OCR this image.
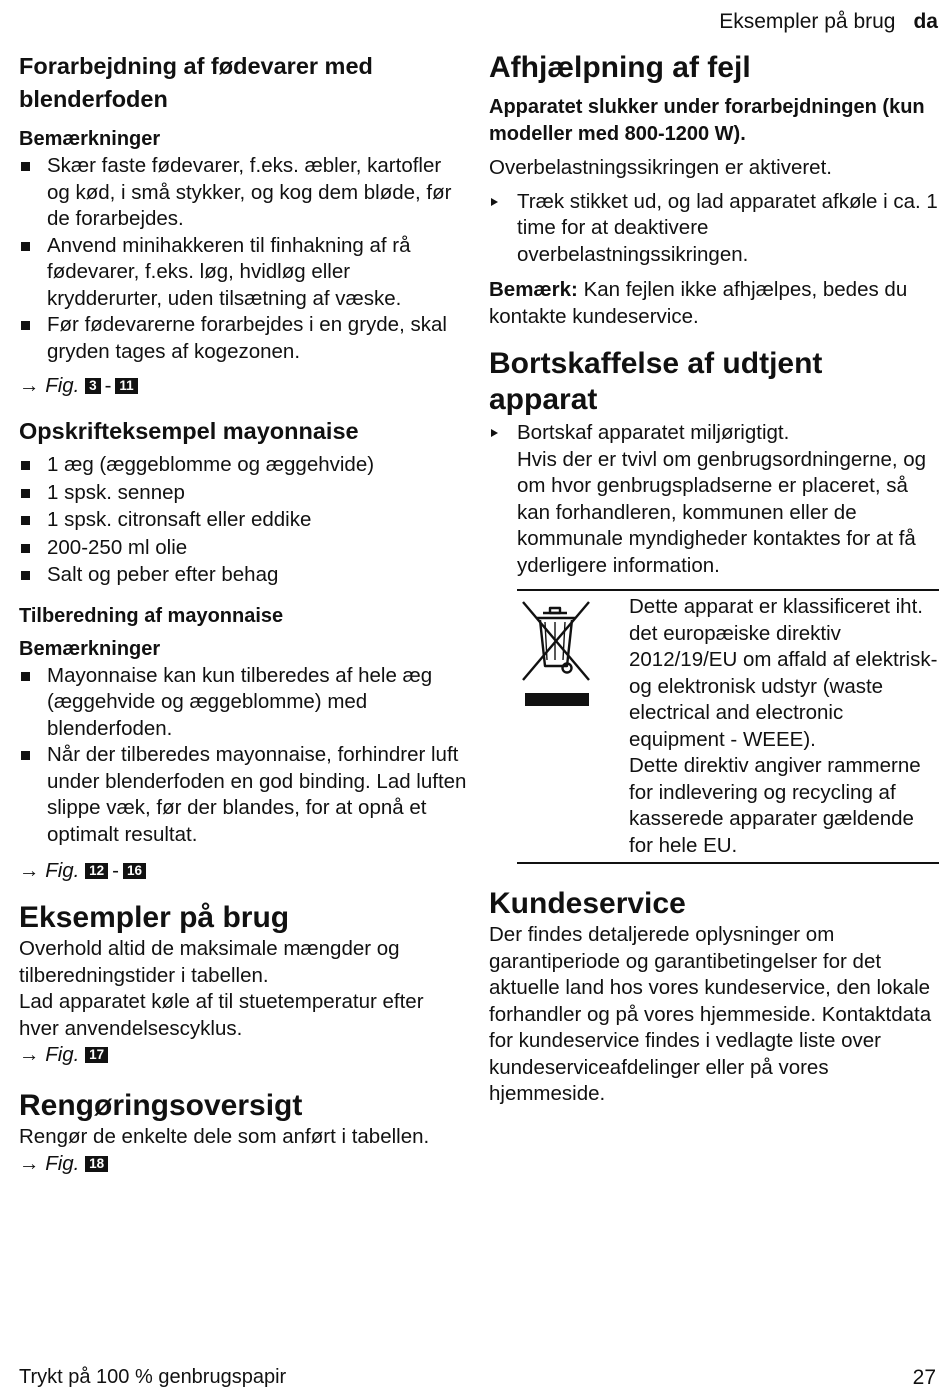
Eksempler på brug da
Forarbejdning af fødevarer med blenderfoden
Bemærkninger
Skær faste fødevarer, f.eks. æbler, kartofler og kød, i små stykker, og kog dem bløde, før de forarbejdes.
Anvend minihakkeren til finhakning af rå fødevarer, f.eks. løg, hvidløg eller krydderurter, uden tilsætning af væske.
Før fødevarerne forarbejdes i en gryde, skal gryden tages af kogezonen.
→ Fig. 3 - 11
Opskrifteksempel mayonnaise
1 æg (æggeblomme og æggehvide)
1 spsk. sennep
1 spsk. citronsaft eller eddike
200-250 ml olie
Salt og peber efter behag
Tilberedning af mayonnaise
Bemærkninger
Mayonnaise kan kun tilberedes af hele æg (æggehvide og æggeblomme) med blenderfoden.
Når der tilberedes mayonnaise, forhindrer luft under blenderfoden en god binding. Lad luften slippe væk, før der blandes, for at opnå et optimalt resultat.
→ Fig. 12 - 16
Eksempler på brug

Overhold altid de maksimale mængder og tilberedningstider i tabellen.

Lad apparatet køle af til stuetemperatur efter hver anvendelsescyklus.

→ Fig. 17
Rengøringsoversigt

Rengør de enkelte dele som anført i tabellen.

→ Fig. 18
Afhjælpning af fejl
Apparatet slukker under forarbejdningen (kun modeller med 800-1200 W).

Overbelastningssikringen er aktiveret.

Træk stikket ud, og lad apparatet afkøle i ca. 1 time for at deaktivere overbelastningssikringen.

Bemærk: Kan fejlen ikke afhjælpes, bedes du kontakte kundeservice.

Bortskaffelse af udtjent apparat
Bortskaf apparatet miljørigtigt.

Hvis der er tvivl om genbrugsordningerne, og om hvor genbrugspladserne er placeret, så kan forhandleren, kommunen eller de kommunale myndigheder kontaktes for at få yderligere information.

Dette apparat er klassificeret iht. det europæiske direktiv 2012/19/EU om affald af elektrisk- og elektronisk udstyr (waste electrical and electronic equipment - WEEE).

Dette direktiv angiver rammerne for indlevering og recycling af kasserede apparater gældende for hele EU.

Kundeservice

Der findes detaljerede oplysninger om garantiperiode og garantibetingelser for det aktuelle land hos vores kundeservice, den lokale forhandler og på vores hjemmeside. Kontaktdata for kundeservice findes i vedlagte liste over kundeserviceafdelinger eller på vores hjemmeside.

Trykt på 100 % genbrugspapir	27
